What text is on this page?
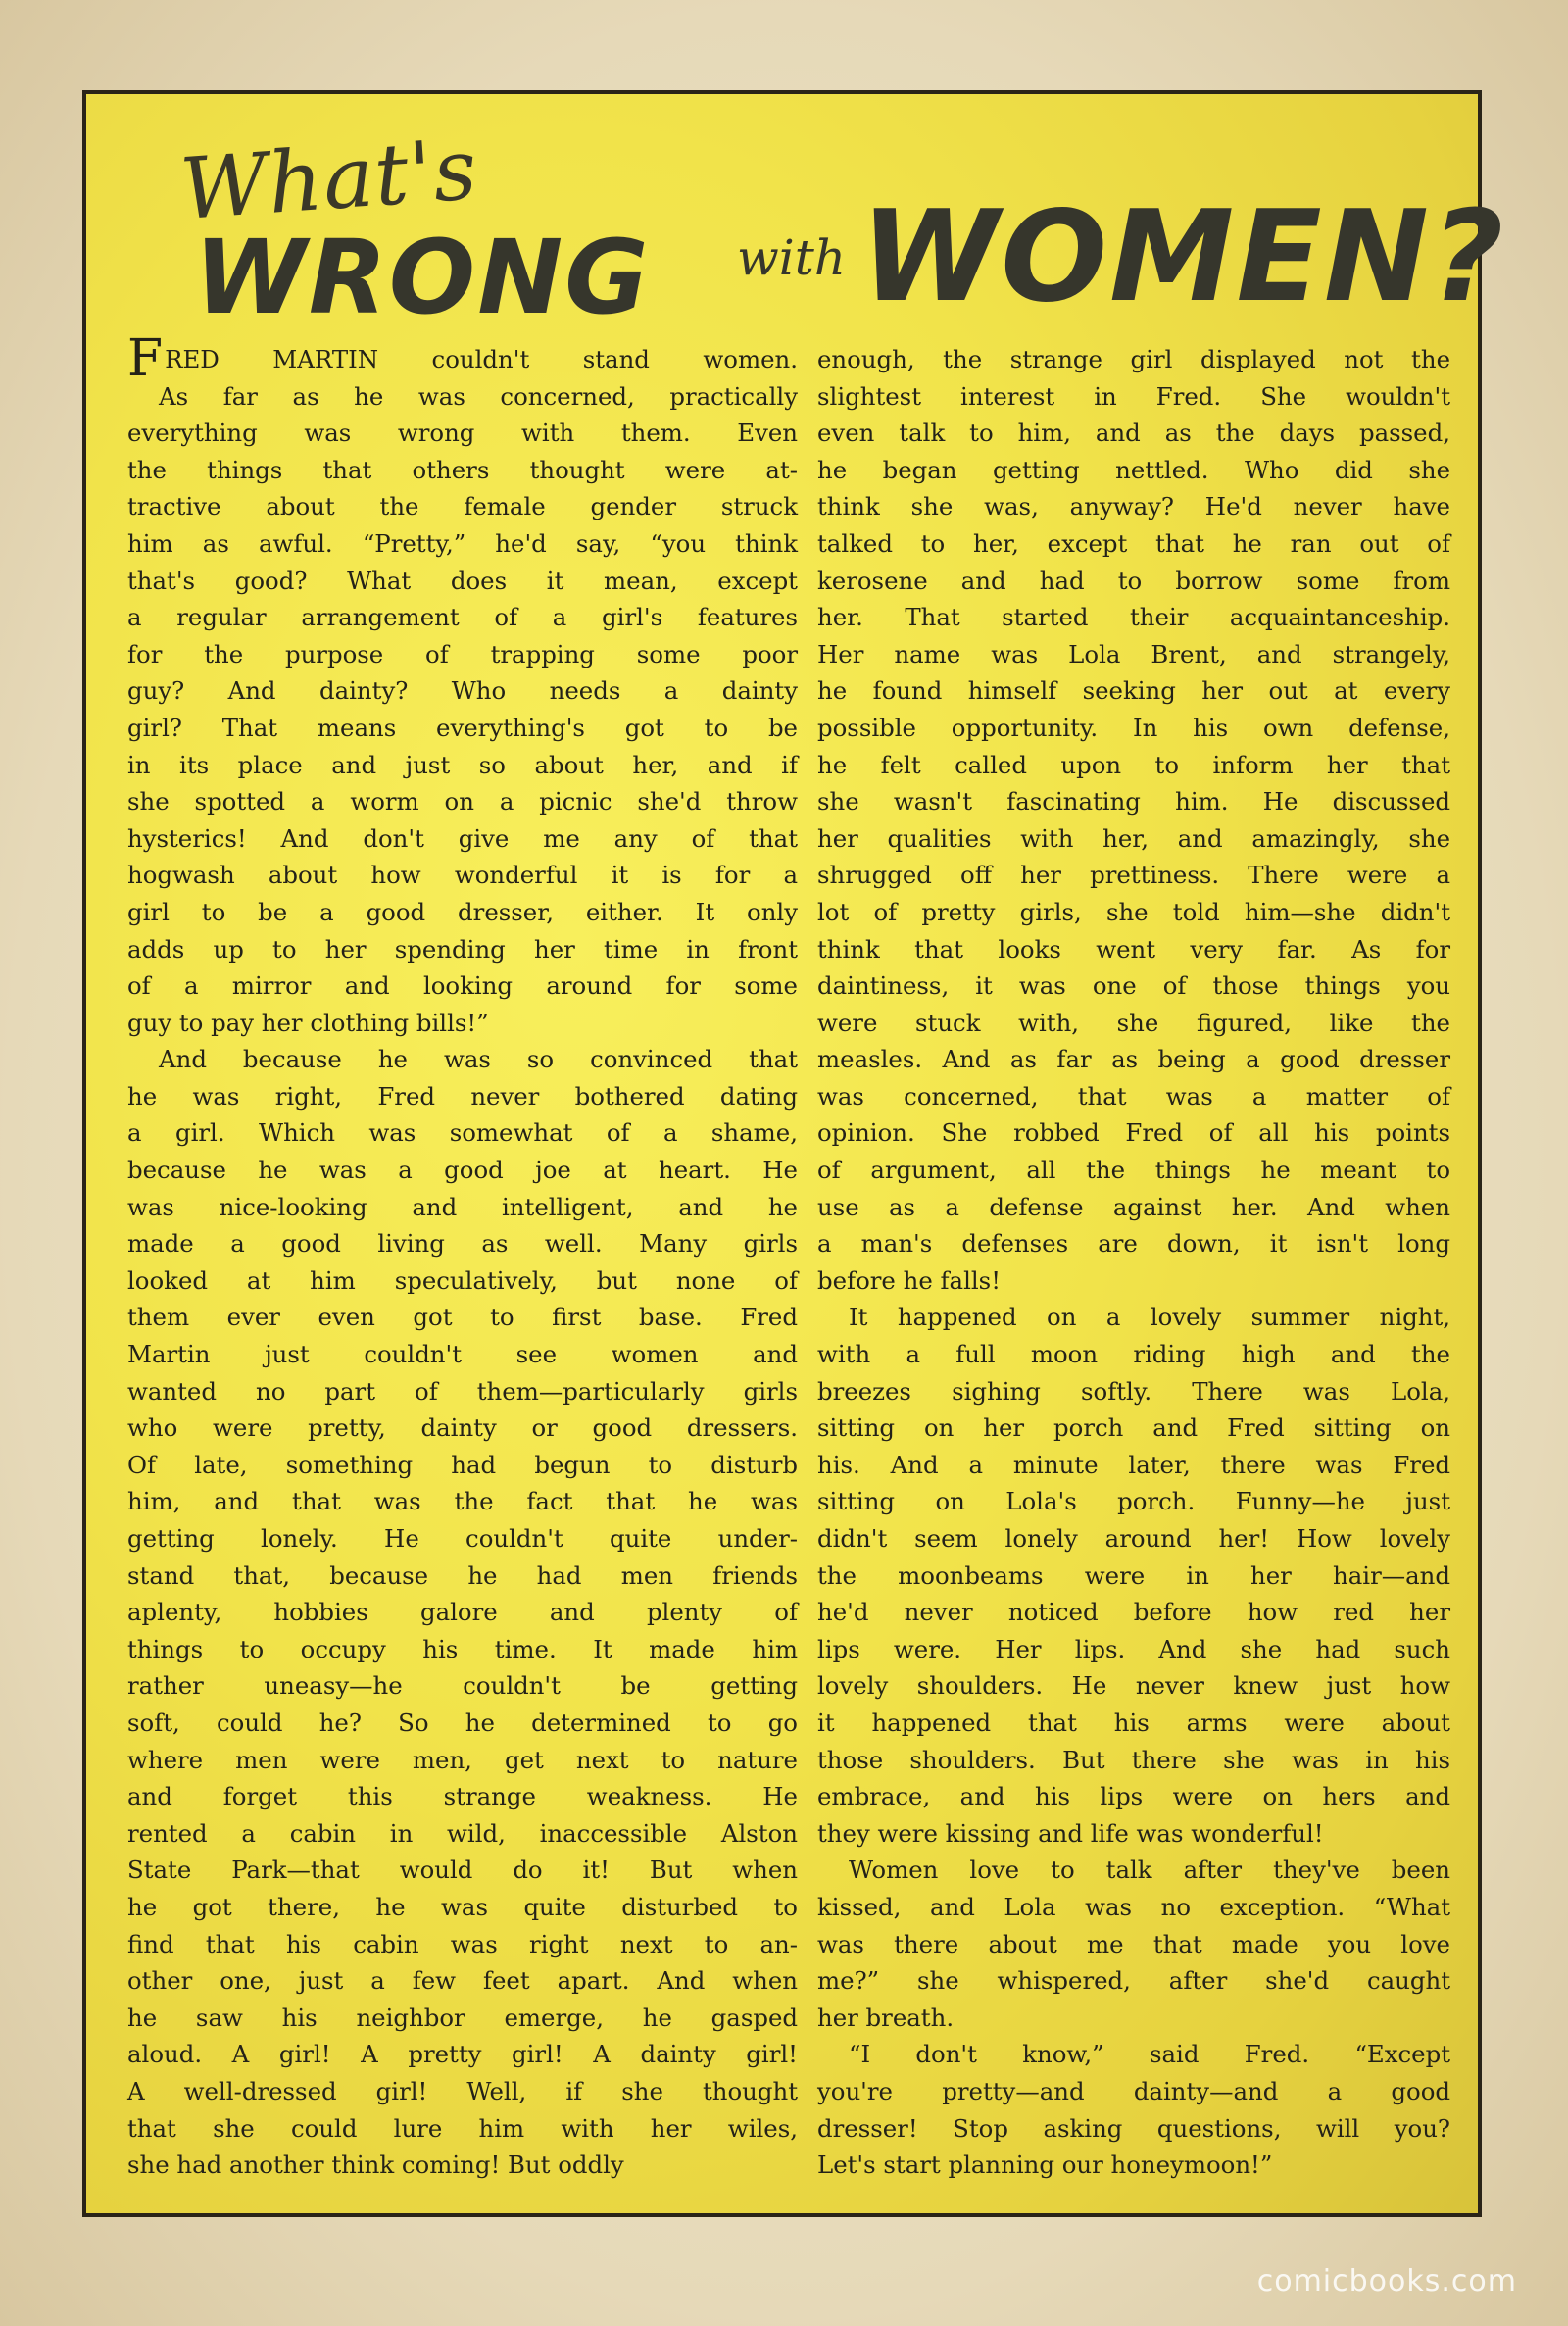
What's
WRONG with WOMEN?
F RED MARTIN couldn't stand women.
As far as he was concerned, practically
everything was wrong with them. Even
the things that others thought were at-
tractive about the female gender struck
him as awful. “Pretty,” he'd say, “you think
that's good? What does it mean, except
a regular arrangement of a girl's features
for the purpose of trapping some poor
guy? And dainty? Who needs a dainty
girl? That means everything's got to be
in its place and just so about her, and if
she spotted a worm on a picnic she'd throw
hysterics! And don't give me any of that
hogwash about how wonderful it is for a
girl to be a good dresser, either. It only
adds up to her spending her time in front
of a mirror and looking around for some
guy to pay her clothing bills!”
And because he was so convinced that
he was right, Fred never bothered dating
a girl. Which was somewhat of a shame,
because he was a good joe at heart. He
was nice-looking and intelligent, and he
made a good living as well. Many girls
looked at him speculatively, but none of
them ever even got to first base. Fred
Martin just couldn't see women and
wanted no part of them—particularly girls
who were pretty, dainty or good dressers.
Of late, something had begun to disturb
him, and that was the fact that he was
getting lonely. He couldn't quite under-
stand that, because he had men friends
aplenty, hobbies galore and plenty of
things to occupy his time. It made him
rather uneasy—he couldn't be getting
soft, could he? So he determined to go
where men were men, get next to nature
and forget this strange weakness. He
rented a cabin in wild, inaccessible Alston
State Park—that would do it! But when
he got there, he was quite disturbed to
find that his cabin was right next to an-
other one, just a few feet apart. And when
he saw his neighbor emerge, he gasped
aloud. A girl! A pretty girl! A dainty girl!
A well-dressed girl! Well, if she thought
that she could lure him with her wiles,
she had another think coming! But oddly
enough, the strange girl displayed not the
slightest interest in Fred. She wouldn't
even talk to him, and as the days passed,
he began getting nettled. Who did she
think she was, anyway? He'd never have
talked to her, except that he ran out of
kerosene and had to borrow some from
her. That started their acquaintanceship.
Her name was Lola Brent, and strangely,
he found himself seeking her out at every
possible opportunity. In his own defense,
he felt called upon to inform her that
she wasn't fascinating him. He discussed
her qualities with her, and amazingly, she
shrugged off her prettiness. There were a
lot of pretty girls, she told him—she didn't
think that looks went very far. As for
daintiness, it was one of those things you
were stuck with, she figured, like the
measles. And as far as being a good dresser
was concerned, that was a matter of
opinion. She robbed Fred of all his points
of argument, all the things he meant to
use as a defense against her. And when
a man's defenses are down, it isn't long
before he falls!
It happened on a lovely summer night,
with a full moon riding high and the
breezes sighing softly. There was Lola,
sitting on her porch and Fred sitting on
his. And a minute later, there was Fred
sitting on Lola's porch. Funny—he just
didn't seem lonely around her! How lovely
the moonbeams were in her hair—and
he'd never noticed before how red her
lips were. Her lips. And she had such
lovely shoulders. He never knew just how
it happened that his arms were about
those shoulders. But there she was in his
embrace, and his lips were on hers and
they were kissing and life was wonderful!
Women love to talk after they've been
kissed, and Lola was no exception. “What
was there about me that made you love
me?” she whispered, after she'd caught
her breath.
“I don't know,” said Fred. “Except
you're pretty—and dainty—and a good
dresser! Stop asking questions, will you?
Let's start planning our honeymoon!”
comicbooks.com
